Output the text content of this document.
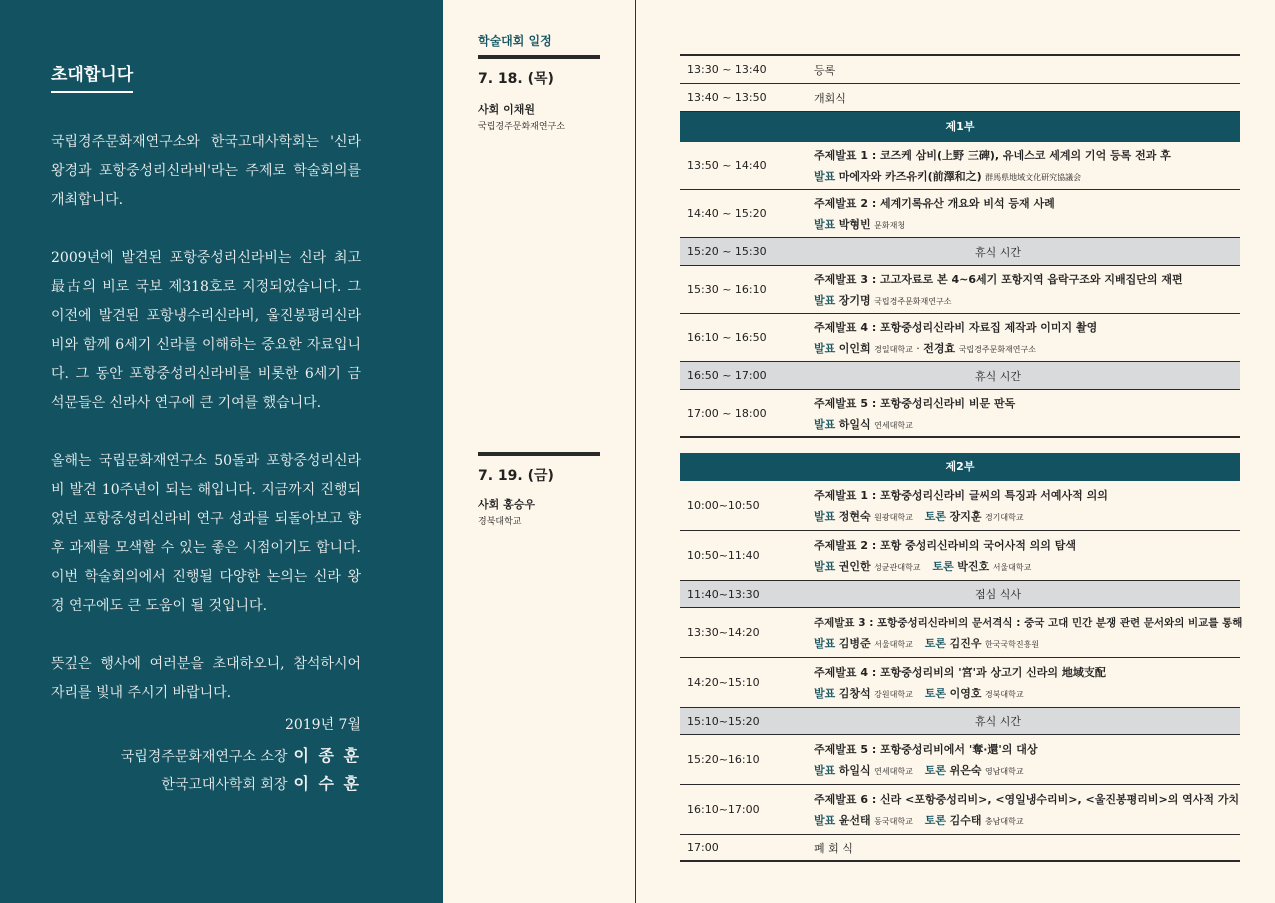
초대합니다

국립경주문화재연구소와 한국고대사학회는 '신라 왕경과 포항중성리신라비'라는 주제로 학술회의를 개최합니다.

2009년에 발견된 포항중성리신라비는 신라 최고最古의 비로 국보 제318호로 지정되었습니다. 그 이전에 발견된 포항냉수리신라비, 울진봉평리신라비와 함께 6세기 신라를 이해하는 중요한 자료입니다. 그 동안 포항중성리신라비를 비롯한 6세기 금석문들은 신라사 연구에 큰 기여를 했습니다.

올해는 국립문화재연구소 50돌과 포항중성리신라비 발견 10주년이 되는 해입니다. 지금까지 진행되었던 포항중성리신라비 연구 성과를 되돌아보고 향후 과제를 모색할 수 있는 좋은 시점이기도 합니다. 이번 학술회의에서 진행될 다양한 논의는 신라 왕경 연구에도 큰 도움이 될 것입니다.

뜻깊은 행사에 여러분을 초대하오니, 참석하시어 자리를 빛내 주시기 바랍니다.

2019년 7월
국립경주문화재연구소 소장 이 종 훈
한국고대사학회 회장 이 수 훈
학술대회 일정
7. 18. (목)
사회 이채원
국립경주문화재연구소
7. 19. (금)
사회 홍승우
경북대학교
13:30 ~ 13:40	등록
13:40 ~ 13:50	개회식
제1부
13:50 ~ 14:40
주제발표 1 : 코즈케 삼비(上野 三碑), 유네스코 세계의 기억 등록 전과 후
발표 마에자와 카즈유키(前澤和之) 群馬県地域文化研究協議会
14:40 ~ 15:20
주제발표 2 : 세계기록유산 개요와 비석 등재 사례
발표 박형빈 문화재청
15:20 ~ 15:30	휴식 시간
15:30 ~ 16:10
주제발표 3 : 고고자료로 본 4~6세기 포항지역 읍락구조와 지배집단의 재편
발표 장기명 국립경주문화재연구소
16:10 ~ 16:50
주제발표 4 : 포항중성리신라비 자료집 제작과 이미지 촬영
발표 이인희 경일대학교 · 전경효 국립경주문화재연구소
16:50 ~ 17:00	휴식 시간
17:00 ~ 18:00
주제발표 5 : 포항중성리신라비 비문 판독
발표 하일식 연세대학교
제2부
10:00~10:50
주제발표 1 : 포항중성리신라비 글씨의 특징과 서예사적 의의
발표 정현숙 원광대학교 토론 장지훈 경기대학교
10:50~11:40
주제발표 2 : 포항 중성리신라비의 국어사적 의의 탐색
발표 권인한 성균관대학교 토론 박진호 서울대학교
11:40~13:30	점심 식사
13:30~14:20
주제발표 3 : 포항중성리신라비의 문서격식 : 중국 고대 민간 분쟁 관련 문서와의 비교를 통해
발표 김병준 서울대학교 토론 김진우 한국국학진흥원
14:20~15:10
주제발표 4 : 포항중성리비의 '宮'과 상고기 신라의 地域支配
발표 김창석 강원대학교 토론 이영호 경북대학교
15:10~15:20	휴식 시간
15:20~16:10
주제발표 5 : 포항중성리비에서 '奪·還'의 대상
발표 하일식 연세대학교 토론 위은숙 영남대학교
16:10~17:00
주제발표 6 : 신라 <포항중성리비>, <영일냉수리비>, <울진봉평리비>의 역사적 가치
발표 윤선태 동국대학교 토론 김수태 충남대학교
17:00	폐 회 식
